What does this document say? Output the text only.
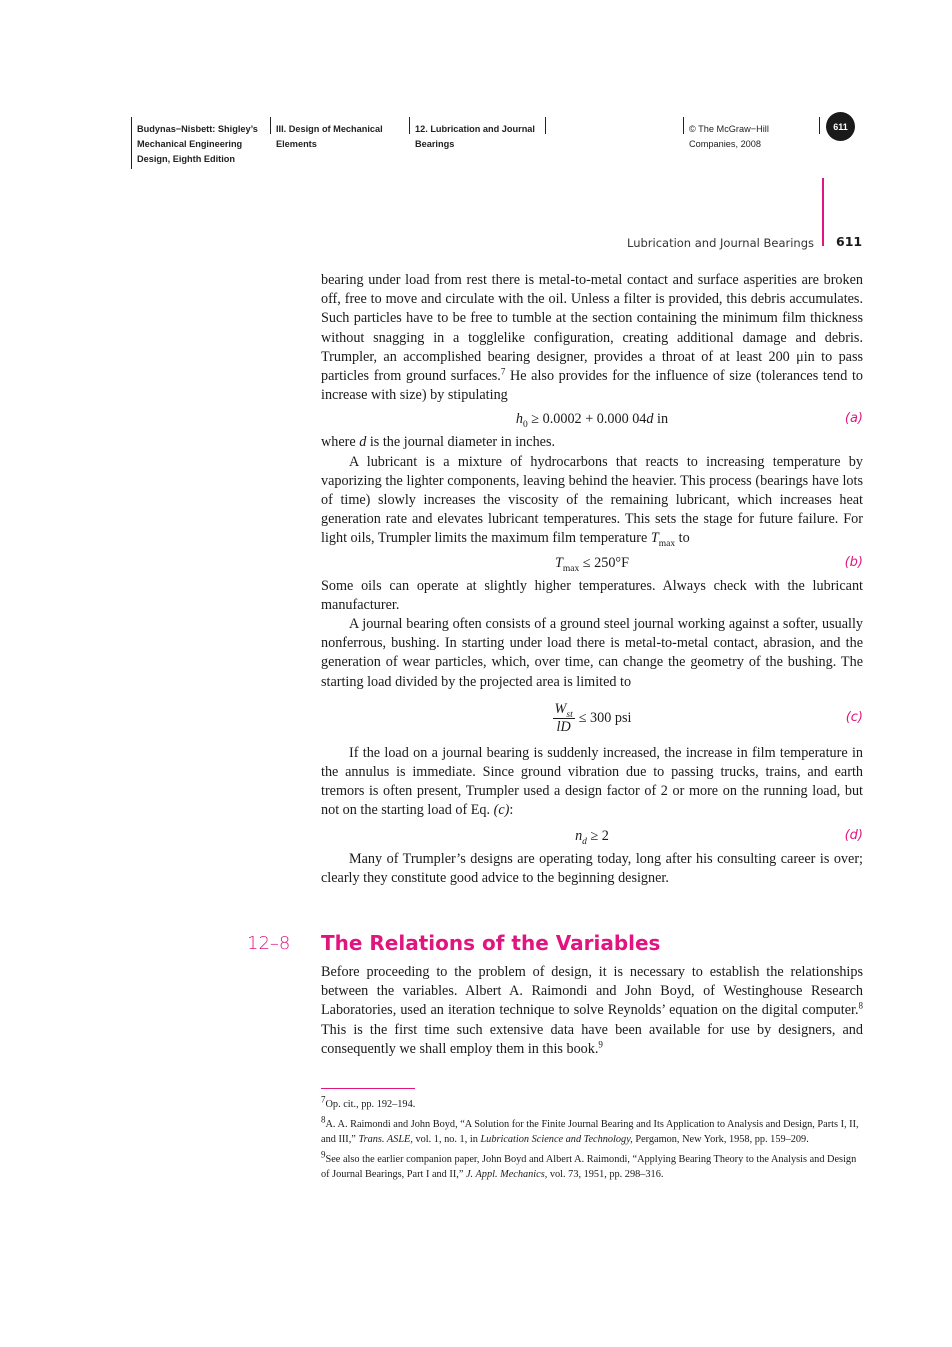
Budynas−Nisbett: Shigley’s
Mechanical Engineering
Design, Eighth Edition
III. Design of Mechanical
Elements
12. Lubrication and Journal
Bearings
© The McGraw−Hill
Companies, 2008
611
Lubrication and Journal Bearings 611

bearing under load from rest there is metal-to-metal contact and surface asperities are broken off, free to move and circulate with the oil. Unless a filter is provided, this debris accumulates. Such particles have to be free to tumble at the section containing the minimum film thickness without snagging in a togglelike configuration, creating additional damage and debris. Trumpler, an accomplished bearing designer, provides a throat of at least 200 μin to pass particles from ground surfaces.$^7$ He also provides for the influence of size (tolerances tend to increase with size) by stipulating

$h_0 \ge 0.0002 + 0.000$ 04d in	(a)

where d is the journal diameter in inches.

A lubricant is a mixture of hydrocarbons that reacts to increasing temperature by vaporizing the lighter components, leaving behind the heavier. This process (bearings have lots of time) slowly increases the viscosity of the remaining lubricant, which increases heat generation rate and elevates lubricant temperatures. This sets the stage for future failure. For light oils, Trumpler limits the maximum film temperature $T_{max}$ to

$T_{max} \le 250^\circ F$	(b)

Some oils can operate at slightly higher temperatures. Always check with the lubricant manufacturer.

A journal bearing often consists of a ground steel journal working against a softer, usually nonferrous, bushing. In starting under load there is metal-to-metal contact, abrasion, and the generation of wear particles, which, over time, can change the geometry of the bushing. The starting load divided by the projected area is limited to

$\frac{W_{st}}{lD} \le 300$ psi	(c)

If the load on a journal bearing is suddenly increased, the increase in film temperature in the annulus is immediate. Since ground vibration due to passing trucks, trains, and earth tremors is often present, Trumpler used a design factor of 2 or more on the running load, but not on the starting load of Eq. (c):

$n_d \ge 2$	(d)

Many of Trumpler’s designs are operating today, long after his consulting career is over; clearly they constitute good advice to the beginning designer.

12–8 The Relations of the Variables

Before proceeding to the problem of design, it is necessary to establish the relationships between the variables. Albert A. Raimondi and John Boyd, of Westinghouse Research Laboratories, used an iteration technique to solve Reynolds’ equation on the digital computer.$^8$ This is the first time such extensive data have been available for use by designers, and consequently we shall employ them in this book.$^9$

$^7$Op. cit., pp. 192–194.

$^8$A. A. Raimondi and John Boyd, “A Solution for the Finite Journal Bearing and Its Application to Analysis and Design, Parts I, II, and III,” Trans. ASLE, vol. 1, no. 1, in Lubrication Science and Technology, Pergamon, New York, 1958, pp. 159–209.

$^9$See also the earlier companion paper, John Boyd and Albert A. Raimondi, “Applying Bearing Theory to the Analysis and Design of Journal Bearings, Part I and II,” J. Appl. Mechanics, vol. 73, 1951, pp. 298–316.
